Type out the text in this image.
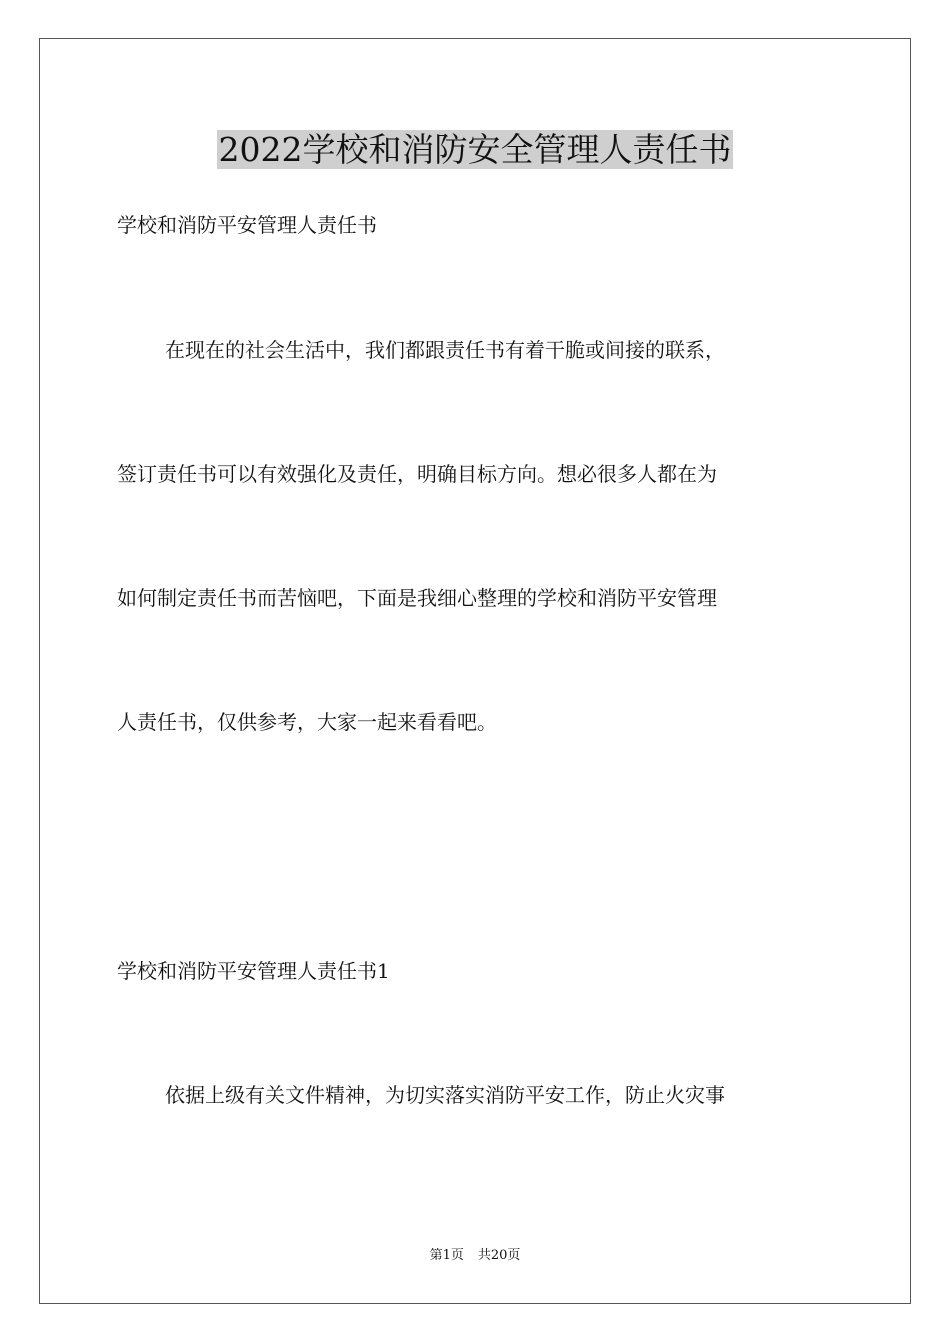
2022学校和消防安全管理人责任书

学校和消防平安管理人责任书

在现在的社会生活中，我们都跟责任书有着干脆或间接的联系，

签订责任书可以有效强化及责任，明确目标方向。想必很多人都在为

如何制定责任书而苦恼吧，下面是我细心整理的学校和消防平安管理

人责任书，仅供参考，大家一起来看看吧。

学校和消防平安管理人责任书1

依据上级有关文件精神，为切实落实消防平安工作，防止火灾事

第1页 共20页
